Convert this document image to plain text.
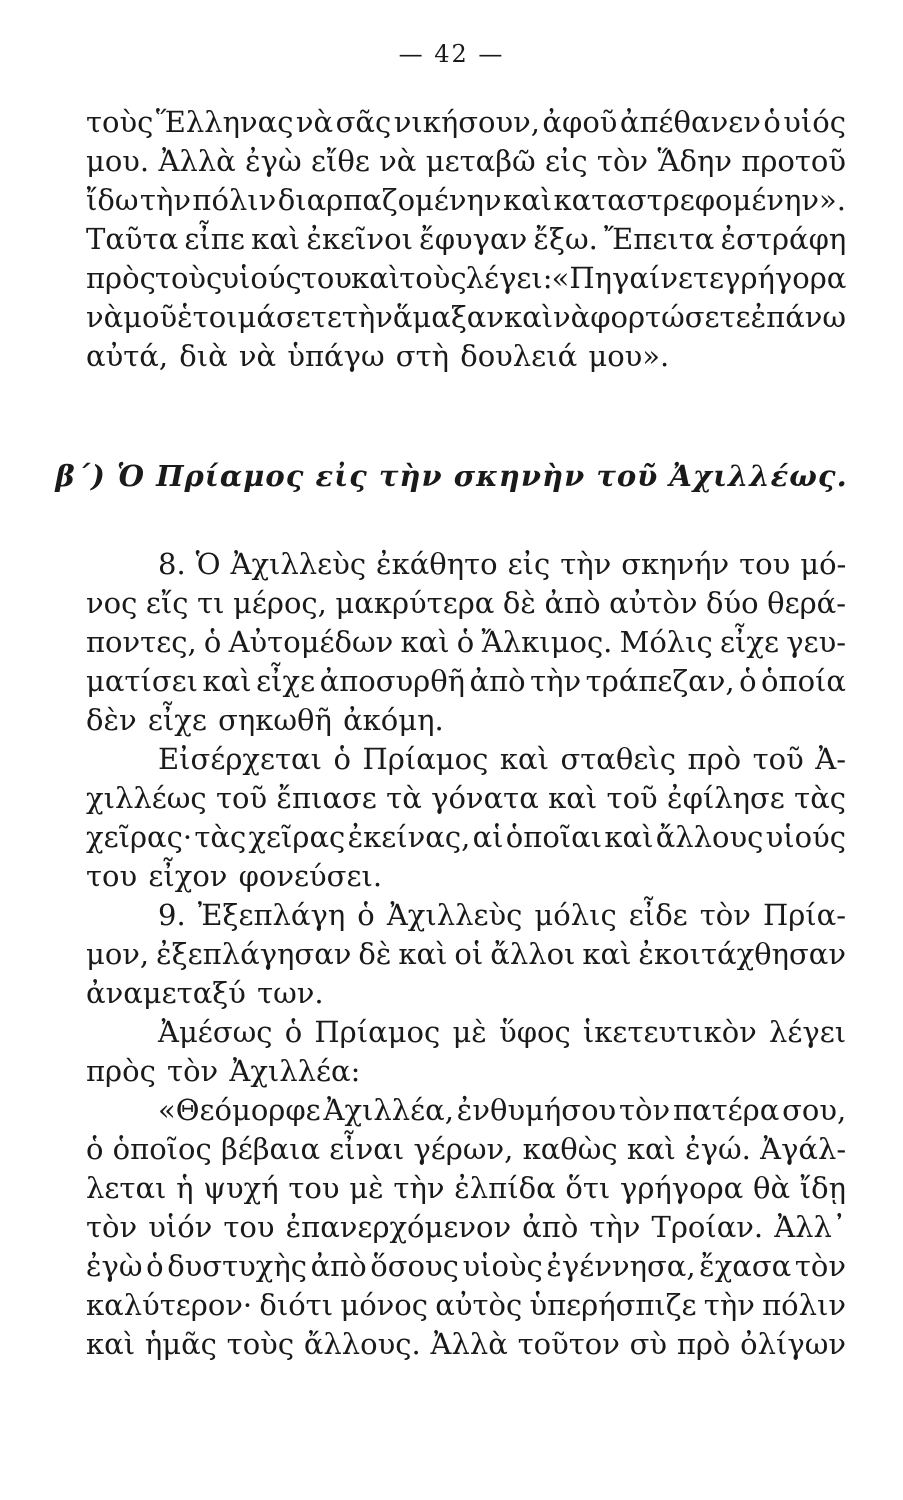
— 42 —
τοὺς Ἕλληνας νὰ σᾶς νικήσουν, ἀφοῦ ἀπέθανεν ὁ υἱός
μου. Ἀλλὰ ἐγὼ εἴθε νὰ μεταβῶ εἰς τὸν Ἅδην προτοῦ
ἴδω τὴν πόλιν διαρπαζομένην καὶ καταστρεφομένην».
Ταῦτα εἶπε καὶ ἐκεῖνοι ἔφυγαν ἔξω. Ἔπειτα ἐστράφη
πρὸς τοὺς υἱούς του καὶ τοὺς λέγει: «Πηγαίνετε γρήγορα
νὰ μοῦ ἑτοιμάσετε τὴν ἅμαξαν καὶ νὰ φορτώσετε ἐπάνω
αὐτά, διὰ νὰ ὑπάγω στὴ δουλειά μου».
β΄) Ὁ Πρίαμος εἰς τὴν σκηνὴν τοῦ Ἀχιλλέως.
8. Ὁ Ἀχιλλεὺς ἐκάθητο εἰς τὴν σκηνήν του μό-
νος εἴς τι μέρος, μακρύτερα δὲ ἀπὸ αὐτὸν δύο θερά-
ποντες, ὁ Αὐτομέδων καὶ ὁ Ἄλκιμος. Μόλις εἶχε γευ-
ματίσει καὶ εἶχε ἀποσυρθῆ ἀπὸ τὴν τράπεζαν, ὁ ὁποία
δὲν εἶχε σηκωθῆ ἀκόμη.
Εἰσέρχεται ὁ Πρίαμος καὶ σταθεὶς πρὸ τοῦ Ἀ-
χιλλέως τοῦ ἔπιασε τὰ γόνατα καὶ τοῦ ἐφίλησε τὰς
χεῖρας· τὰς χεῖρας ἐκείνας, αἱ ὁποῖαι καὶ ἄλλους υἱούς
του εἶχον φονεύσει.
9. Ἐξεπλάγη ὁ Ἀχιλλεὺς μόλις εἶδε τὸν Πρία-
μον, ἐξεπλάγησαν δὲ καὶ οἱ ἄλλοι καὶ ἐκοιτάχθησαν
ἀναμεταξύ των.
Ἀμέσως ὁ Πρίαμος μὲ ὕφος ἱκετευτικὸν λέγει
πρὸς τὸν Ἀχιλλέα:
«Θεόμορφε Ἀχιλλέα, ἐνθυμήσου τὸν πατέρα σου,
ὁ ὁποῖος βέβαια εἶναι γέρων, καθὼς καὶ ἐγώ. Ἀγάλ-
λεται ἡ ψυχή του μὲ τὴν ἐλπίδα ὅτι γρήγορα θὰ ἴδῃ
τὸν υἱόν του ἐπανερχόμενον ἀπὸ τὴν Τροίαν. Ἀλλ᾿
ἐγὼ ὁ δυστυχὴς ἀπὸ ὅσους υἱοὺς ἐγέννησα, ἔχασα τὸν
καλύτερον· διότι μόνος αὐτὸς ὑπερήσπιζε τὴν πόλιν
καὶ ἡμᾶς τοὺς ἄλλους. Ἀλλὰ τοῦτον σὺ πρὸ ὀλίγων
